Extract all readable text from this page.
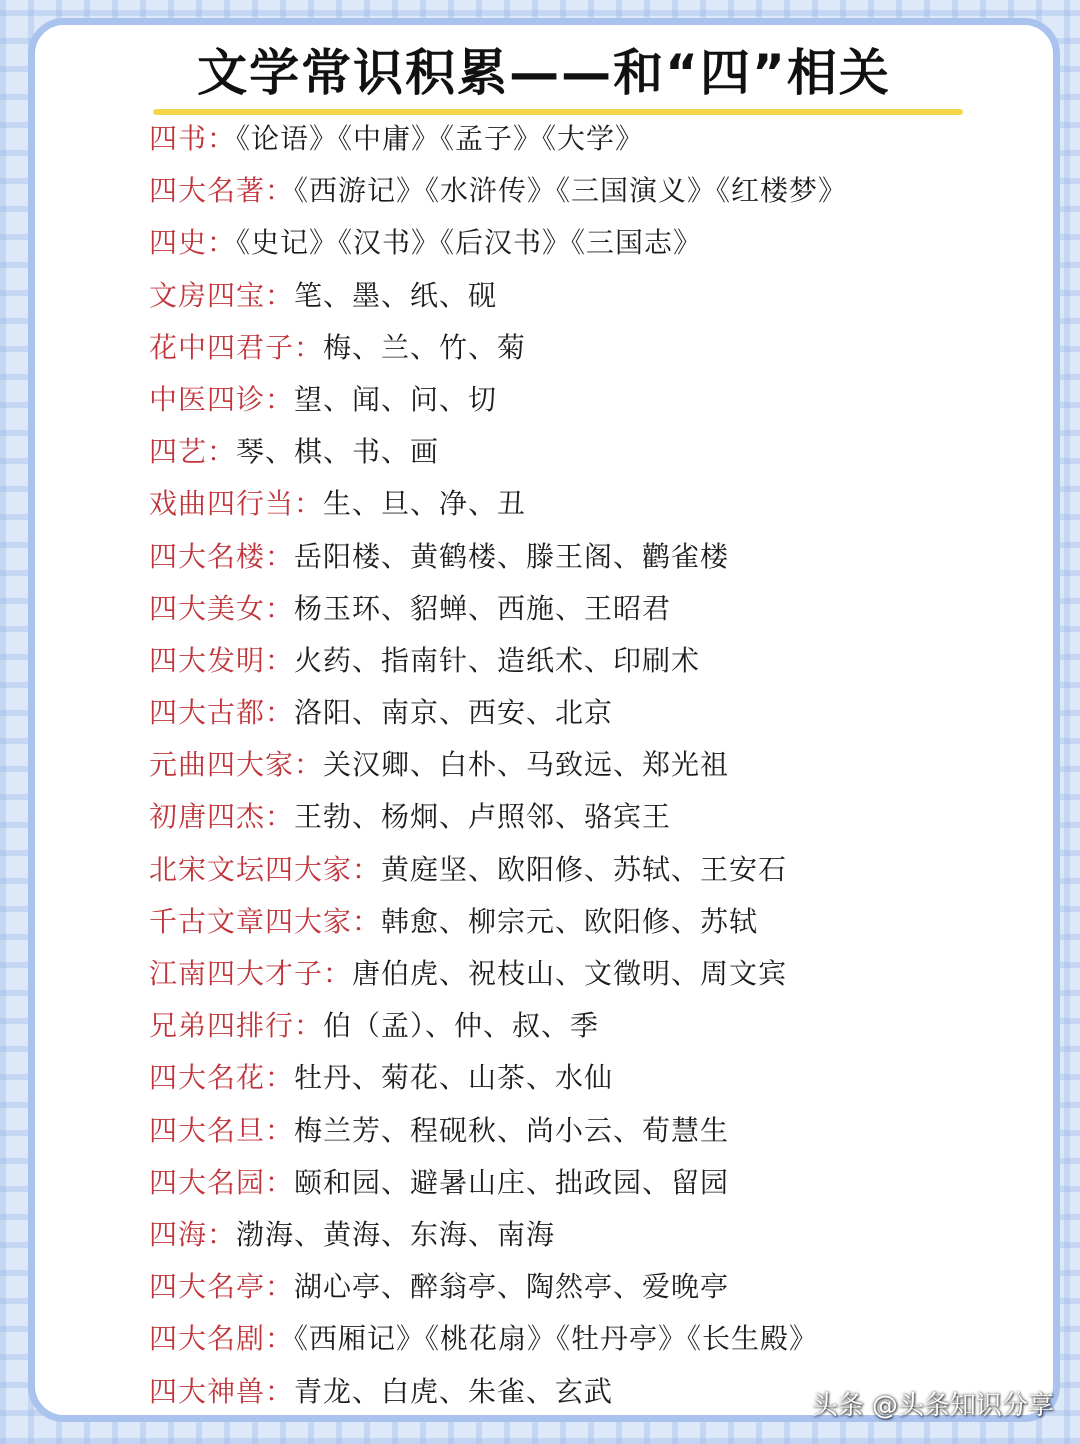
文学常识积累——和“四”相关
四书：《论语》《中庸》《孟子》《大学》
四大名著：《西游记》《水浒传》《三国演义》《红楼梦》
四史：《史记》《汉书》《后汉书》《三国志》
文房四宝：笔、墨、纸、砚
花中四君子：梅、兰、竹、菊
中医四诊：望、闻、问、切
四艺：琴、棋、书、画
戏曲四行当：生、旦、净、丑
四大名楼：岳阳楼、黄鹤楼、滕王阁、鹳雀楼
四大美女：杨玉环、貂蝉、西施、王昭君
四大发明：火药、指南针、造纸术、印刷术
四大古都：洛阳、南京、西安、北京
元曲四大家：关汉卿、白朴、马致远、郑光祖
初唐四杰：王勃、杨炯、卢照邻、骆宾王
北宋文坛四大家：黄庭坚、欧阳修、苏轼、王安石
千古文章四大家：韩愈、柳宗元、欧阳修、苏轼
江南四大才子：唐伯虎、祝枝山、文徵明、周文宾
兄弟四排行：伯（孟）、仲、叔、季
四大名花：牡丹、菊花、山茶、水仙
四大名旦：梅兰芳、程砚秋、尚小云、荀慧生
四大名园：颐和园、避暑山庄、拙政园、留园
四海：渤海、黄海、东海、南海
四大名亭：湖心亭、醉翁亭、陶然亭、爱晚亭
四大名剧：《西厢记》《桃花扇》《牡丹亭》《长生殿》
四大神兽：青龙、白虎、朱雀、玄武	头条 @头条知识分享
